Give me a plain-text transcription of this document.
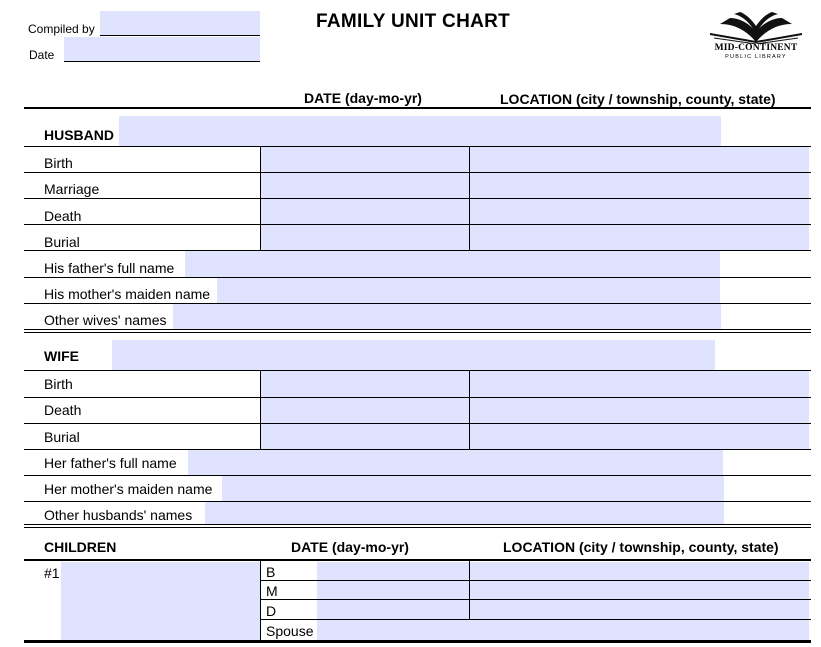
Compiled by
Date
FAMILY UNIT CHART
MID-CONTINENT
PUBLIC LIBRARY
DATE (day-mo-yr)	LOCATION (city / township, county, state)
HUSBAND
Birth
Marriage
Death
Burial
His father's full name
His mother's maiden name
Other wives' names
WIFE
Birth
Death
Burial
Her father's full name
Her mother's maiden name
Other husbands' names
CHILDREN	DATE (day-mo-yr)	LOCATION (city / township, county, state)
#1	B
M
D
Spouse
